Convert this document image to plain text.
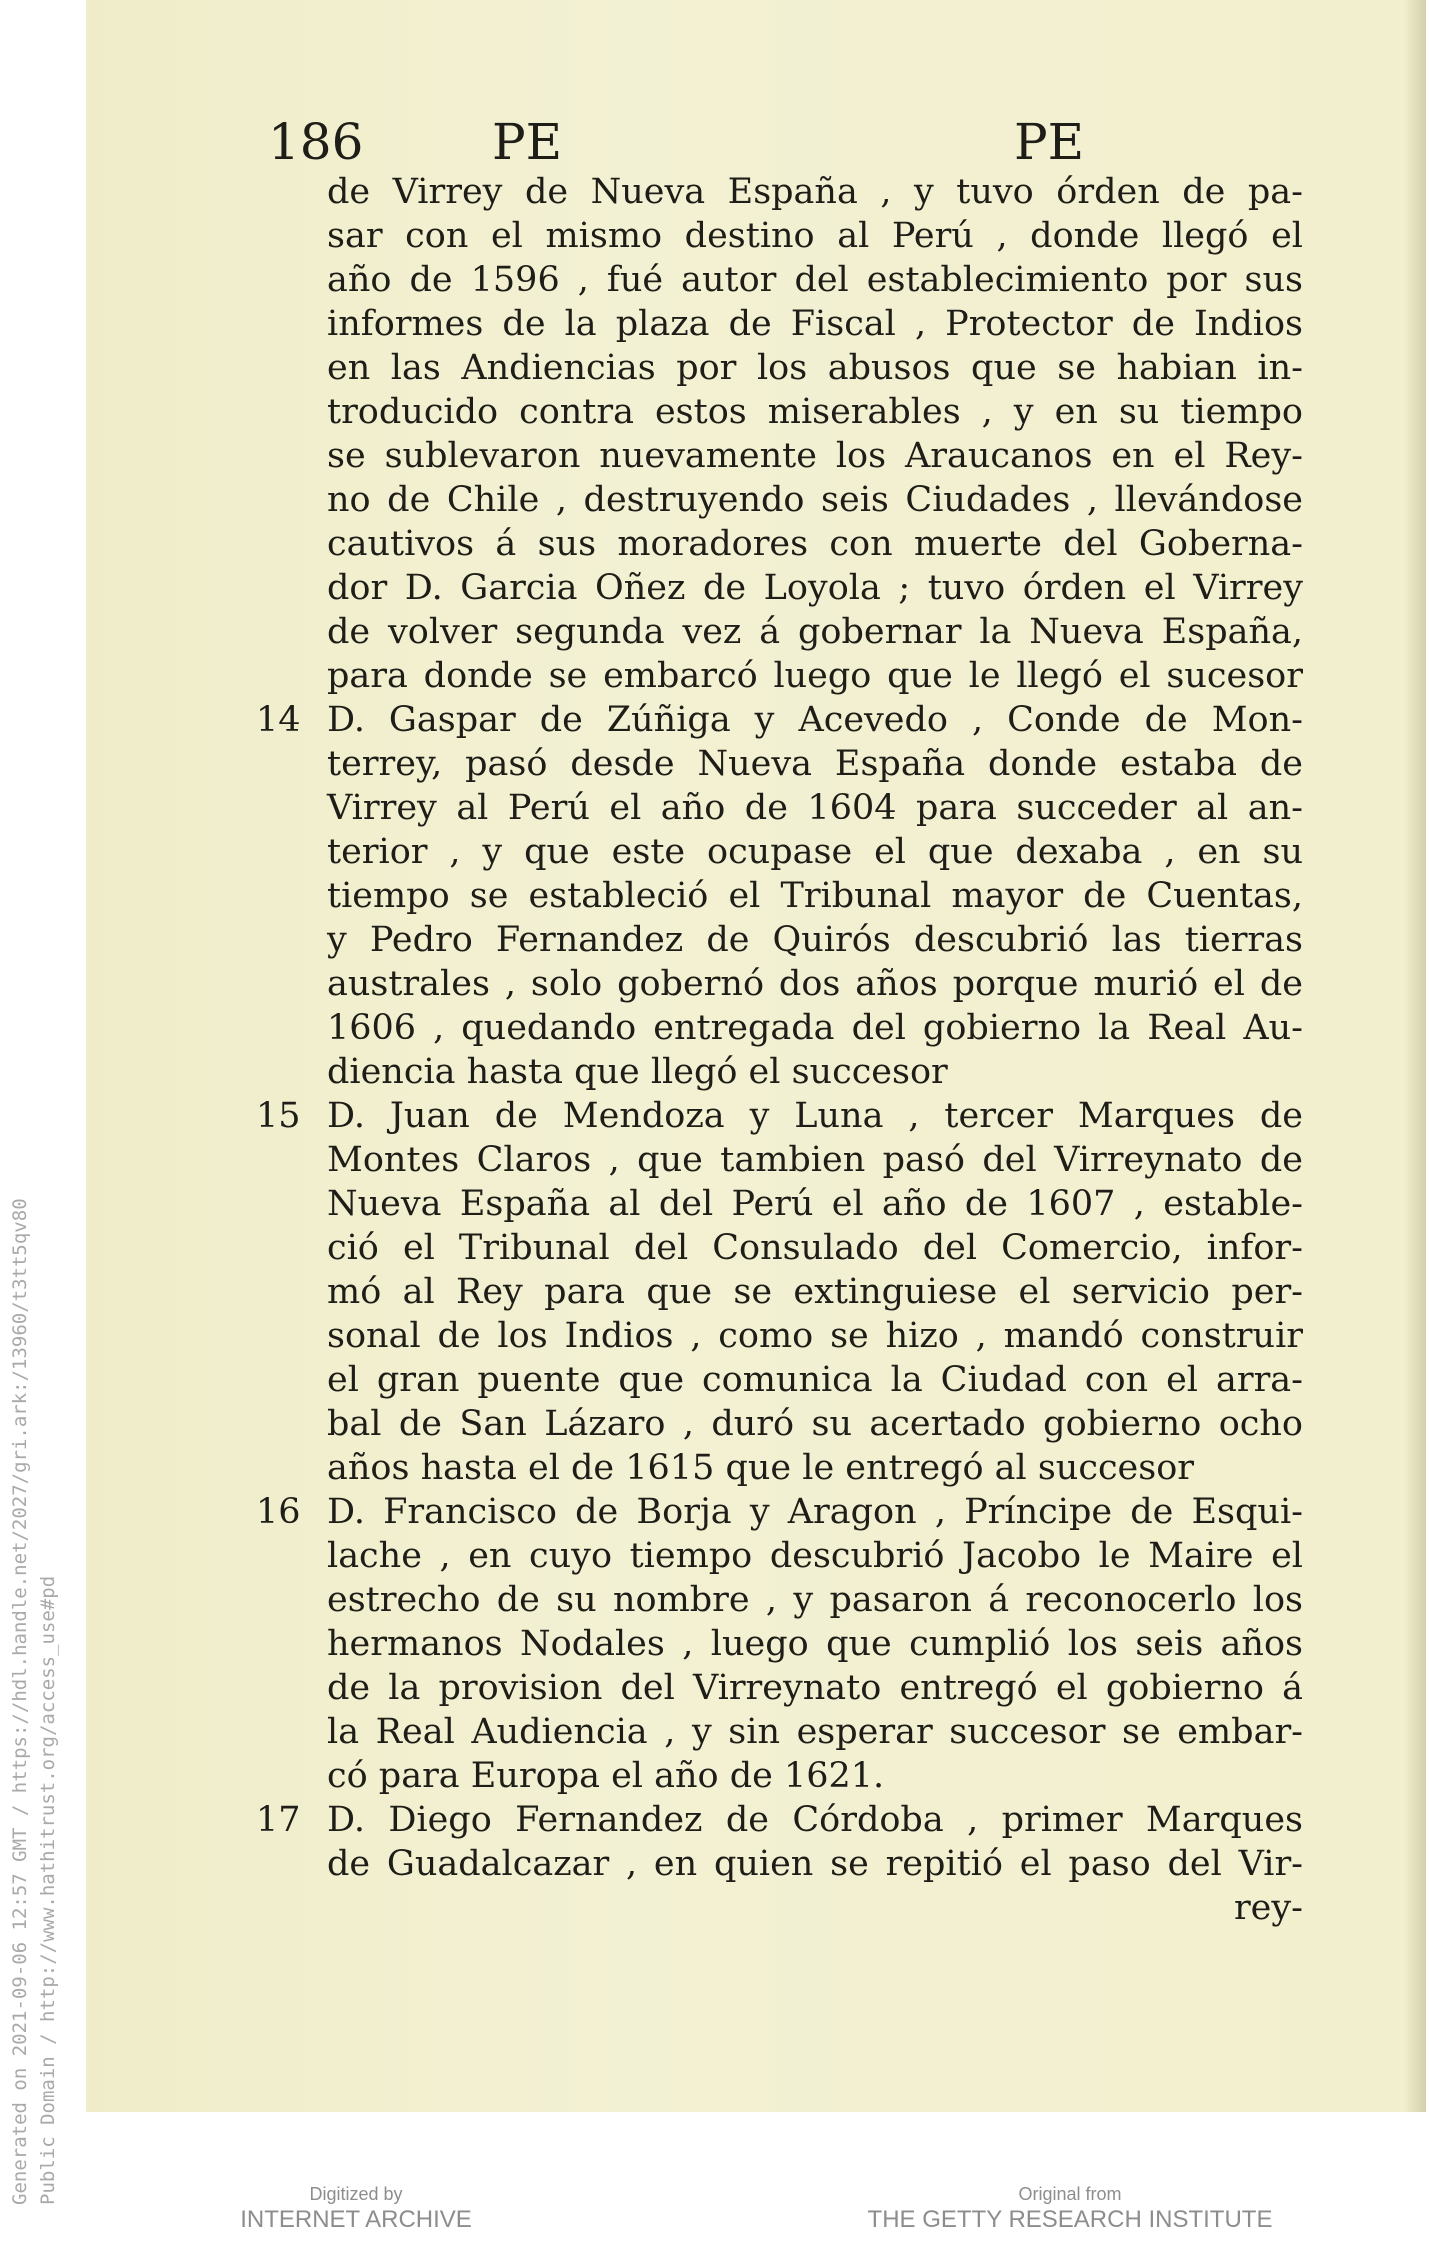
186	PE	PE
de Virrey de Nueva España , y tuvo órden de pa-
sar con el mismo destino al Perú , donde llegó el
año de 1596 , fué autor del establecimiento por sus
informes de la plaza de Fiscal , Protector de Indios
en las Andiencias por los abusos que se habian in-
troducido contra estos miserables , y en su tiempo
se sublevaron nuevamente los Araucanos en el Rey-
no de Chile , destruyendo seis Ciudades , llevándose
cautivos á sus moradores con muerte del Goberna-
dor D. Garcia Oñez de Loyola ; tuvo órden el Virrey
de volver segunda vez á gobernar la Nueva España,
para donde se embarcó luego que le llegó el sucesor
14 D. Gaspar de Zúñiga y Acevedo , Conde de Mon-
terrey, pasó desde Nueva España donde estaba de
Virrey al Perú el año de 1604 para succeder al an-
terior , y que este ocupase el que dexaba , en su
tiempo se estableció el Tribunal mayor de Cuentas,
y Pedro Fernandez de Quirós descubrió las tierras
australes , solo gobernó dos años porque murió el de
1606 , quedando entregada del gobierno la Real Au-
diencia hasta que llegó el succesor
15 D. Juan de Mendoza y Luna , tercer Marques de
Montes Claros , que tambien pasó del Virreynato de
Nueva España al del Perú el año de 1607 , estable-
ció el Tribunal del Consulado del Comercio, infor-
mó al Rey para que se extinguiese el servicio per-
sonal de los Indios , como se hizo , mandó construir
el gran puente que comunica la Ciudad con el arra-
bal de San Lázaro , duró su acertado gobierno ocho
años hasta el de 1615 que le entregó al succesor
16 D. Francisco de Borja y Aragon , Príncipe de Esqui-
lache , en cuyo tiempo descubrió Jacobo le Maire el
estrecho de su nombre , y pasaron á reconocerlo los
hermanos Nodales , luego que cumplió los seis años
de la provision del Virreynato entregó el gobierno á
la Real Audiencia , y sin esperar succesor se embar-
có para Europa el año de 1621.
17 D. Diego Fernandez de Córdoba , primer Marques
de Guadalcazar , en quien se repitió el paso del Vir-
rey-
Generated on 2021-09-06 12:57 GMT / https://hdl.handle.net/2027/gri.ark:/13960/t3tt5qv80 Public Domain / http://www.hathitrust.org/access_use#pd	Digitized by
INTERNET ARCHIVE
Original from
THE GETTY RESEARCH INSTITUTE
